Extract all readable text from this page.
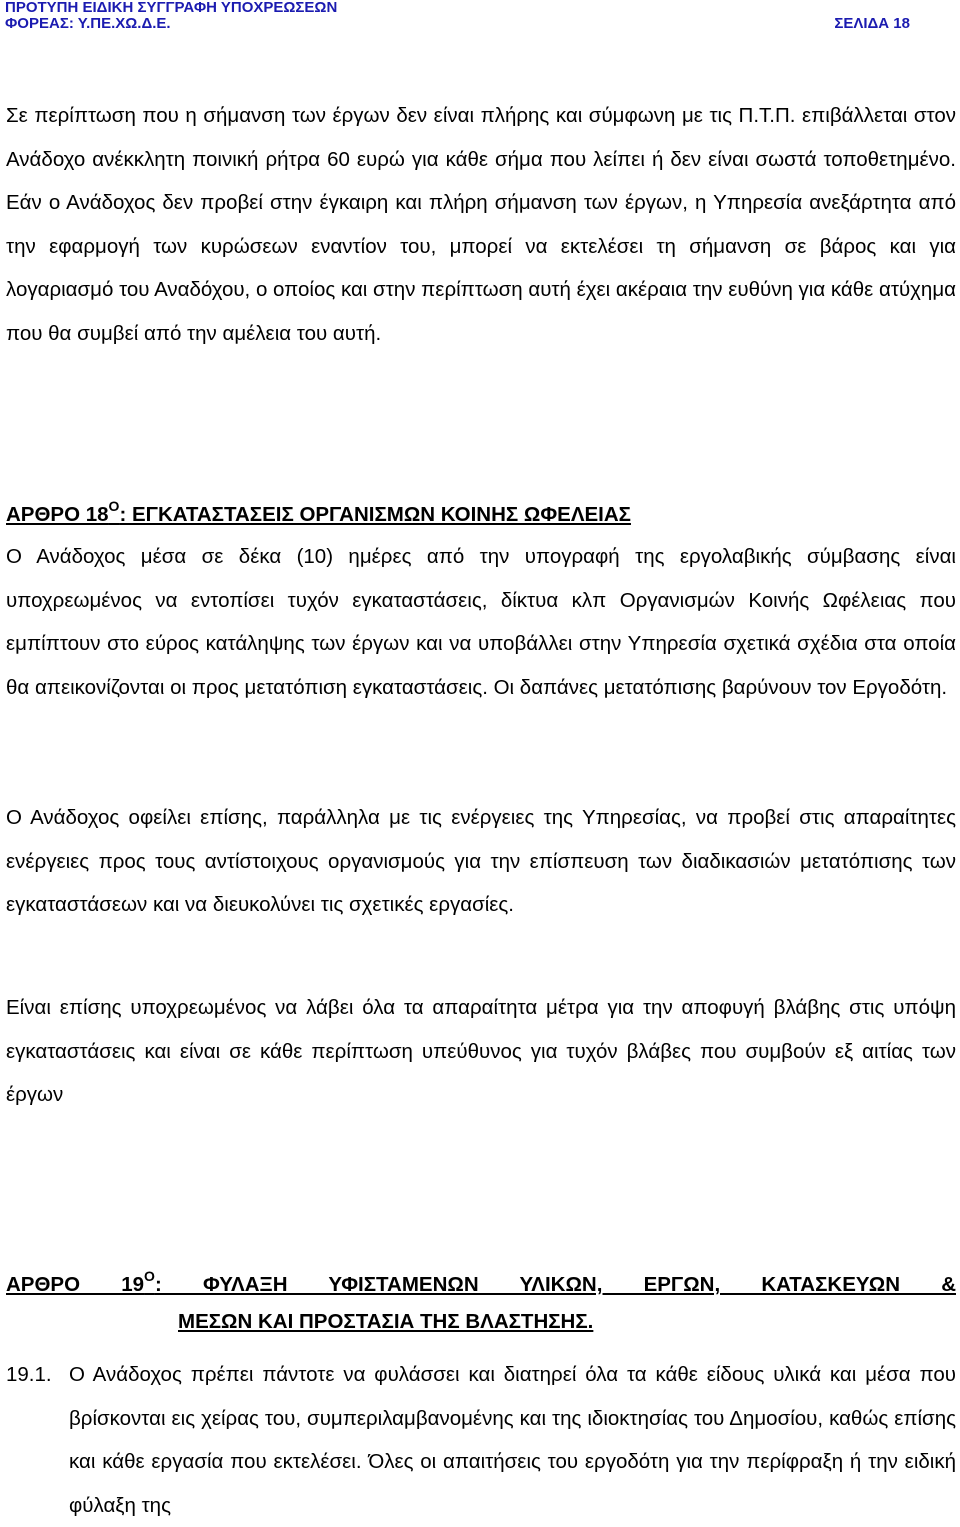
ΠΡΟΤΥΠΗ ΕΙΔΙΚΗ ΣΥΓΓΡΑΦΗ ΥΠΟΧΡΕΩΣΕΩΝ
ΦΟΡΕΑΣ: Υ.ΠΕ.ΧΩ.Δ.Ε.	ΣΕΛΙΔΑ 18

Σε περίπτωση που η σήμανση των έργων δεν είναι πλήρης και σύμφωνη με τις Π.Τ.Π. επιβάλλεται στον Ανάδοχο ανέκκλητη ποινική ρήτρα 60 ευρώ για κάθε σήμα που λείπει ή δεν είναι σωστά τοποθετημένο. Εάν ο Ανάδοχος δεν προβεί στην έγκαιρη και πλήρη σήμανση των έργων, η Υπηρεσία ανεξάρτητα από την εφαρμογή των κυρώσεων εναντίον του, μπορεί να εκτελέσει τη σήμανση σε βάρος και για λογαριασμό του Αναδόχου, ο οποίος και στην περίπτωση αυτή έχει ακέραια την ευθύνη για κάθε ατύχημα που θα συμβεί από την αμέλεια του αυτή.

ΑΡΘΡΟ $18^O$: ΕΓΚΑΤΑΣΤΑΣΕΙΣ ΟΡΓΑΝΙΣΜΩΝ ΚΟΙΝΗΣ ΩΦΕΛΕΙΑΣ

Ο Ανάδοχος μέσα σε δέκα (10) ημέρες από την υπογραφή της εργολαβικής σύμβασης είναι υποχρεωμένος να εντοπίσει τυχόν εγκαταστάσεις, δίκτυα κλπ Οργανισμών Κοινής Ωφέλειας που εμπίπτουν στο εύρος κατάληψης των έργων και να υποβάλλει στην Υπηρεσία σχετικά σχέδια στα οποία θα απεικονίζονται οι προς μετατόπιση εγκαταστάσεις. Οι δαπάνες μετατόπισης βαρύνουν τον Εργοδότη.

Ο Ανάδοχος οφείλει επίσης, παράλληλα με τις ενέργειες της Υπηρεσίας, να προβεί στις απαραίτητες ενέργειες προς τους αντίστοιχους οργανισμούς για την επίσπευση των διαδικασιών μετατόπισης των εγκαταστάσεων και να διευκολύνει τις σχετικές εργασίες.

Είναι επίσης υποχρεωμένος να λάβει όλα τα απαραίτητα μέτρα για την αποφυγή βλάβης στις υπόψη εγκαταστάσεις και είναι σε κάθε περίπτωση υπεύθυνος για τυχόν βλάβες που συμβούν εξ αιτίας των έργων

ΑΡΘΡΟ $19^O$: ΦΥΛΑΞΗ ΥΦΙΣΤΑΜΕΝΩΝ ΥΛΙΚΩΝ, ΕΡΓΩΝ, ΚΑΤΑΣΚΕΥΩΝ &
ΜΕΣΩΝ ΚΑΙ ΠΡΟΣΤΑΣΙΑ ΤΗΣ ΒΛΑΣΤΗΣΗΣ.
19.1. Ο Ανάδοχος πρέπει πάντοτε να φυλάσσει και διατηρεί όλα τα κάθε είδους υλικά και μέσα που βρίσκονται εις χείρας του, συμπεριλαμβανομένης και της ιδιοκτησίας του Δημοσίου, καθώς επίσης και κάθε εργασία που εκτελέσει. Όλες οι απαιτήσεις του εργοδότη για την περίφραξη ή την ειδική φύλαξη της
